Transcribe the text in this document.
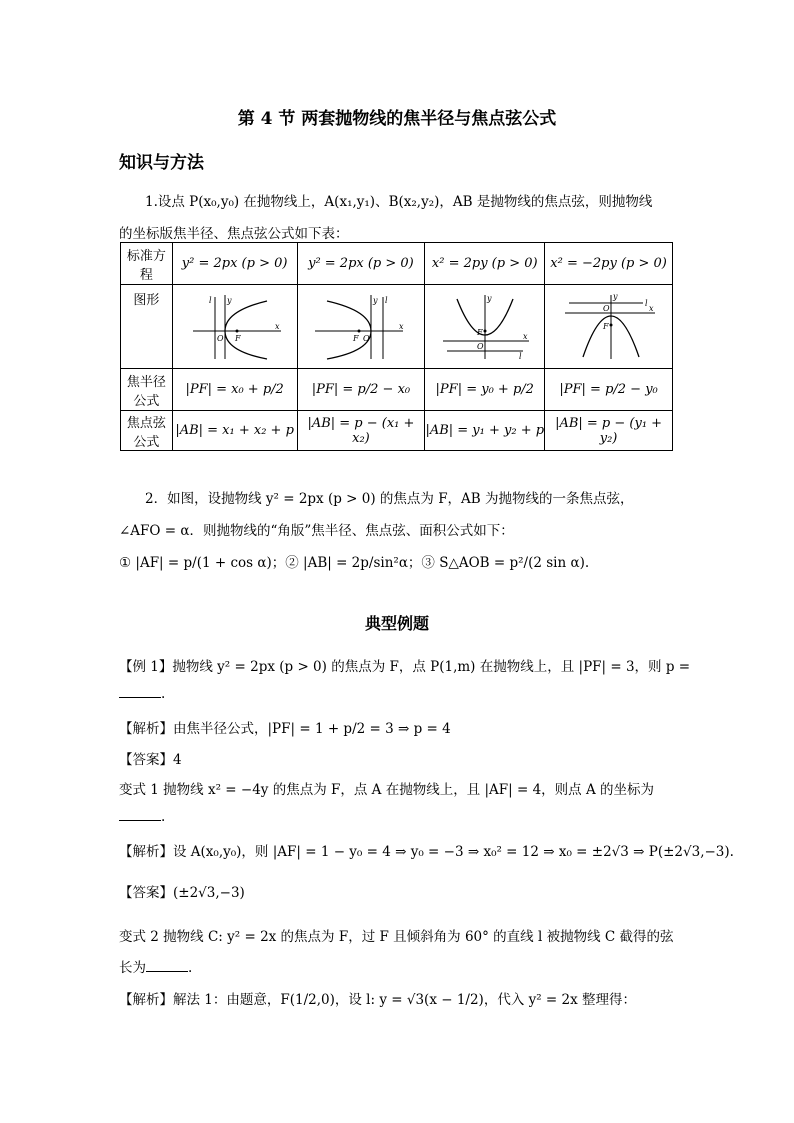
第 4 节 两套抛物线的焦半径与焦点弦公式
知识与方法
1.设点 P(x₀,y₀) 在抛物线上，A(x₁,y₁)、B(x₂,y₂)，AB 是抛物线的焦点弦，则抛物线
的坐标版焦半径、焦点弦公式如下表：
标准方程	y² = 2px (p > 0)	y² = 2px (p > 0)	x² = 2py (p > 0)	x² = −2py (p > 0)
图形	l y
x
O F	y l
x
O
F	y
x
F
O
l	y
l
x
O
F

焦半径公式	|PF| = x₀ + p/2	|PF| = p/2 − x₀	|PF| = y₀ + p/2	|PF| = p/2 − y₀
焦点弦公式	|AB| = x₁ + x₂ + p	|AB| = p − (x₁ + x₂)	|AB| = y₁ + y₂ + p	|AB| = p − (y₁ + y₂)
2．如图，设抛物线 y² = 2px (p > 0) 的焦点为 F，AB 为抛物线的一条焦点弦，
∠AFO = α．则抛物线的“角版”焦半径、焦点弦、面积公式如下：
① |AF| = p/(1 + cos α)；② |AB| = 2p/sin²α；③ S△AOB = p²/(2 sin α).
典型例题
【例 1】抛物线 y² = 2px (p > 0) 的焦点为 F，点 P(1,m) 在抛物线上，且 |PF| = 3，则 p =
.
【解析】由焦半径公式，|PF| = 1 + p/2 = 3 ⇒ p = 4
【答案】4
变式 1 抛物线 x² = −4y 的焦点为 F，点 A 在抛物线上，且 |AF| = 4，则点 A 的坐标为
.
【解析】设 A(x₀,y₀)，则 |AF| = 1 − y₀ = 4 ⇒ y₀ = −3 ⇒ x₀² = 12 ⇒ x₀ = ±2√3 ⇒ P(±2√3,−3).
【答案】(±2√3,−3)
变式 2 抛物线 C: y² = 2x 的焦点为 F，过 F 且倾斜角为 60° 的直线 l 被抛物线 C 截得的弦
长为	.
【解析】解法 1：由题意，F(1/2,0)，设 l: y = √3(x − 1/2)，代入 y² = 2x 整理得：
